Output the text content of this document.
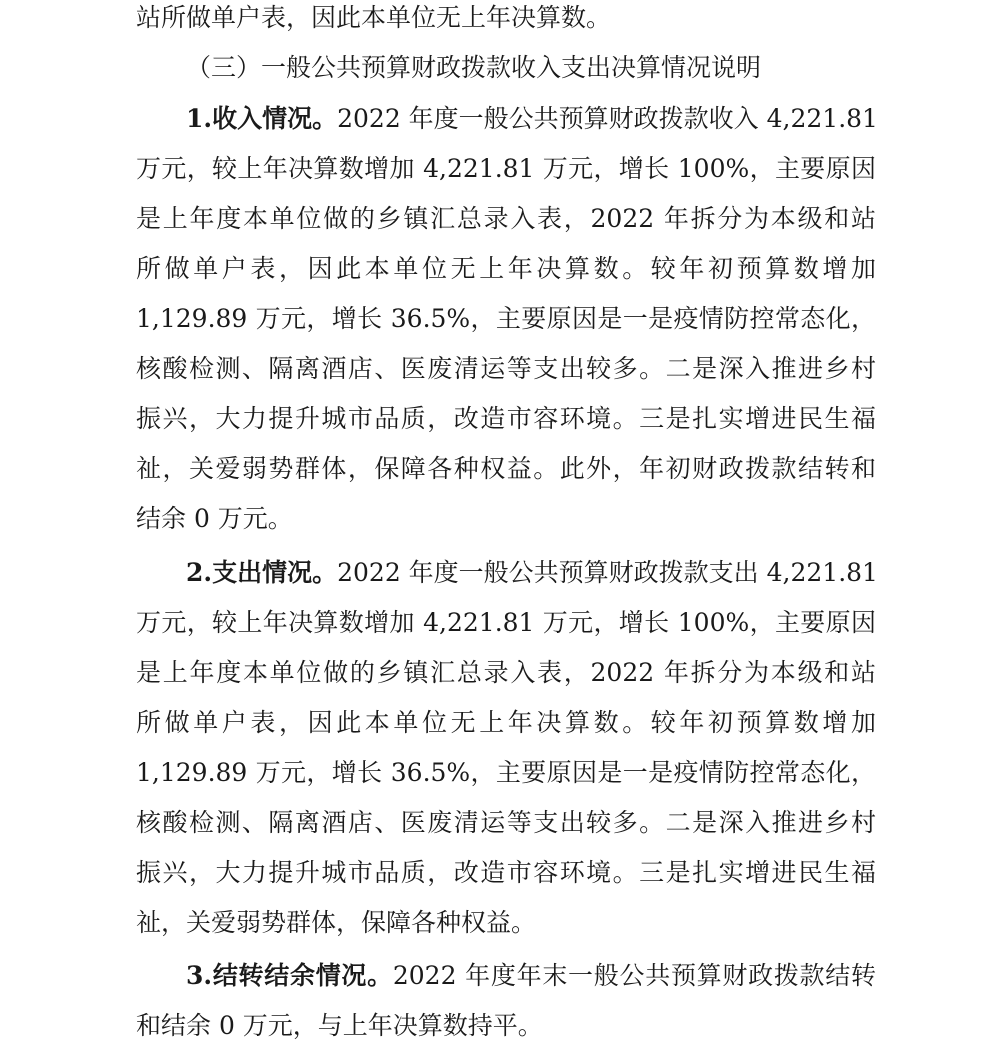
站所做单户表，因此本单位无上年决算数。
（三）一般公共预算财政拨款收入支出决算情况说明
1.收入情况。2022 年度一般公共预算财政拨款收入 4,221.81
万元，较上年决算数增加 4,221.81 万元，增长 100%，主要原因
是上年度本单位做的乡镇汇总录入表，2022 年拆分为本级和站
所做单户表，因此本单位无上年决算数。较年初预算数增加
1,129.89 万元，增长 36.5%，主要原因是一是疫情防控常态化，
核酸检测、隔离酒店、医废清运等支出较多。二是深入推进乡村
振兴，大力提升城市品质，改造市容环境。三是扎实增进民生福
祉，关爱弱势群体，保障各种权益。此外，年初财政拨款结转和
结余 0 万元。
2.支出情况。2022 年度一般公共预算财政拨款支出 4,221.81
万元，较上年决算数增加 4,221.81 万元，增长 100%，主要原因
是上年度本单位做的乡镇汇总录入表，2022 年拆分为本级和站
所做单户表，因此本单位无上年决算数。较年初预算数增加
1,129.89 万元，增长 36.5%，主要原因是一是疫情防控常态化，
核酸检测、隔离酒店、医废清运等支出较多。二是深入推进乡村
振兴，大力提升城市品质，改造市容环境。三是扎实增进民生福
祉，关爱弱势群体，保障各种权益。
3.结转结余情况。2022 年度年末一般公共预算财政拨款结转
和结余 0 万元，与上年决算数持平。
